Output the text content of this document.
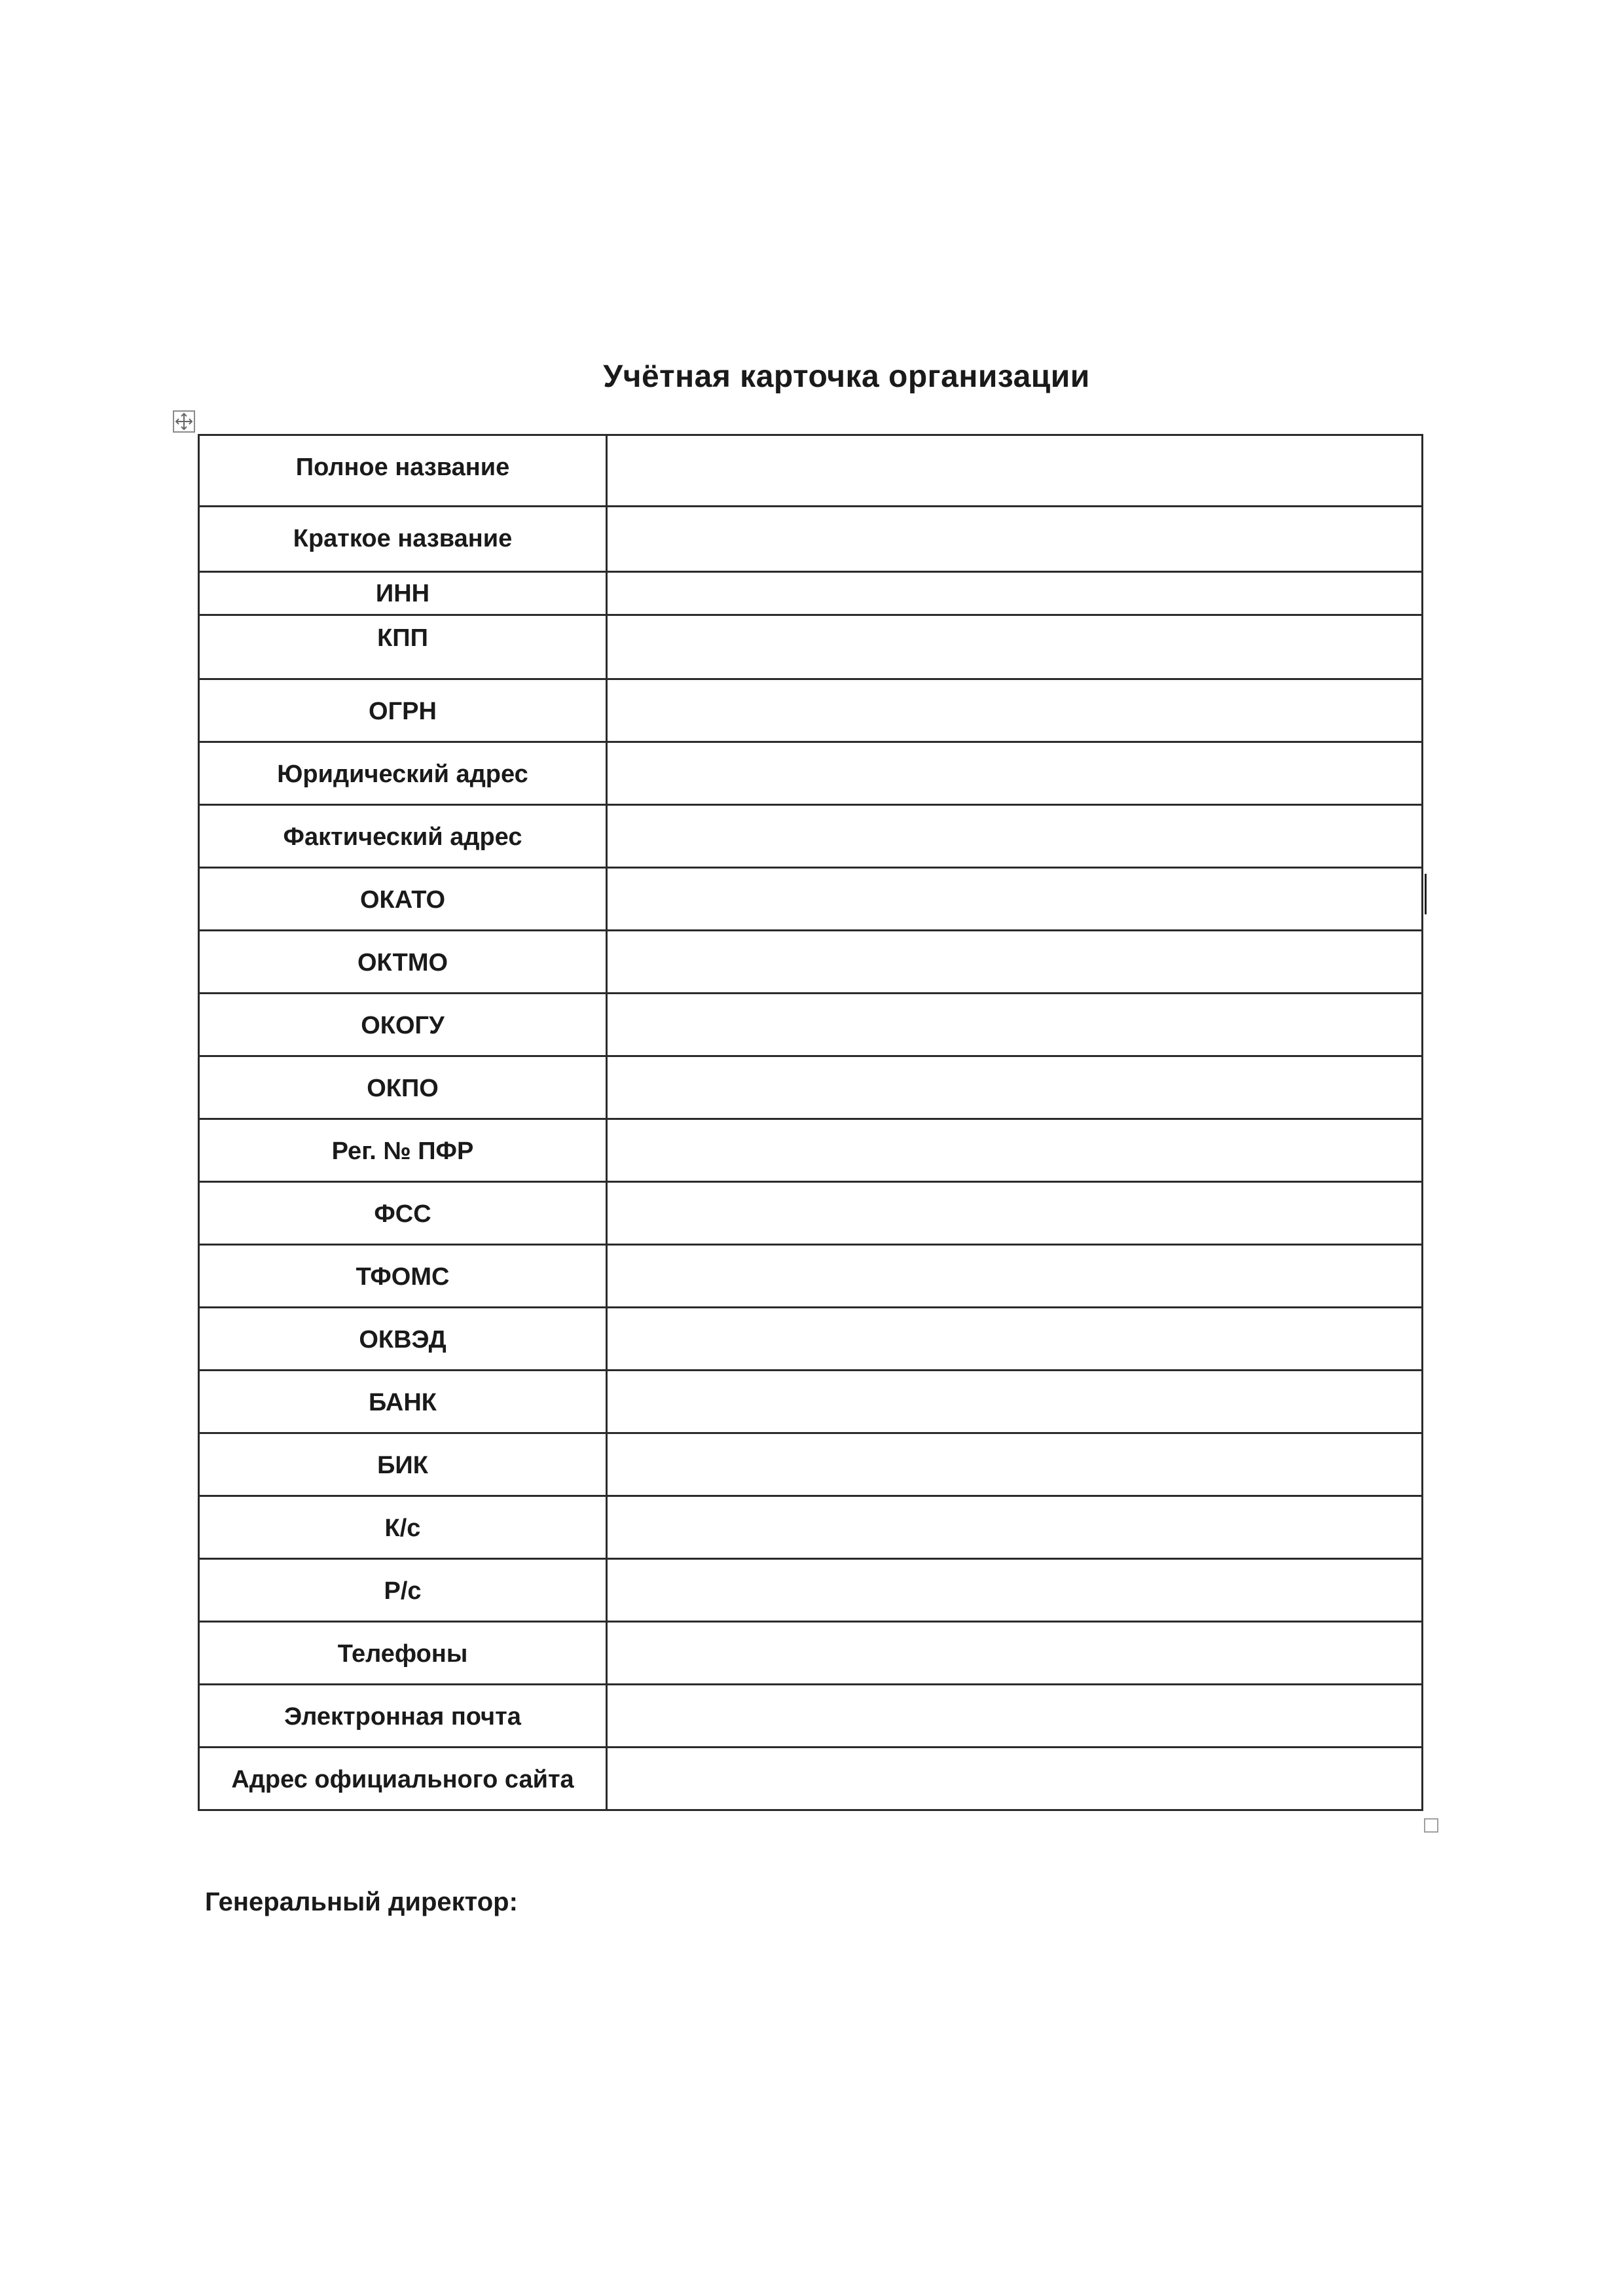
Учётная карточка организации
Полное название	

Краткое название	

ИНН	

КПП	

ОГРН	

Юридический адрес	

Фактический адрес	

ОКАТО	

ОКТМО	

ОКОГУ	

ОКПО	

Рег. № ПФР	

ФСС	

ТФОМС	

ОКВЭД	

БАНК	

БИК	

К/с	

Р/с	

Телефоны	

Электронная почта	

Адрес официального сайта	

Генеральный директор:
